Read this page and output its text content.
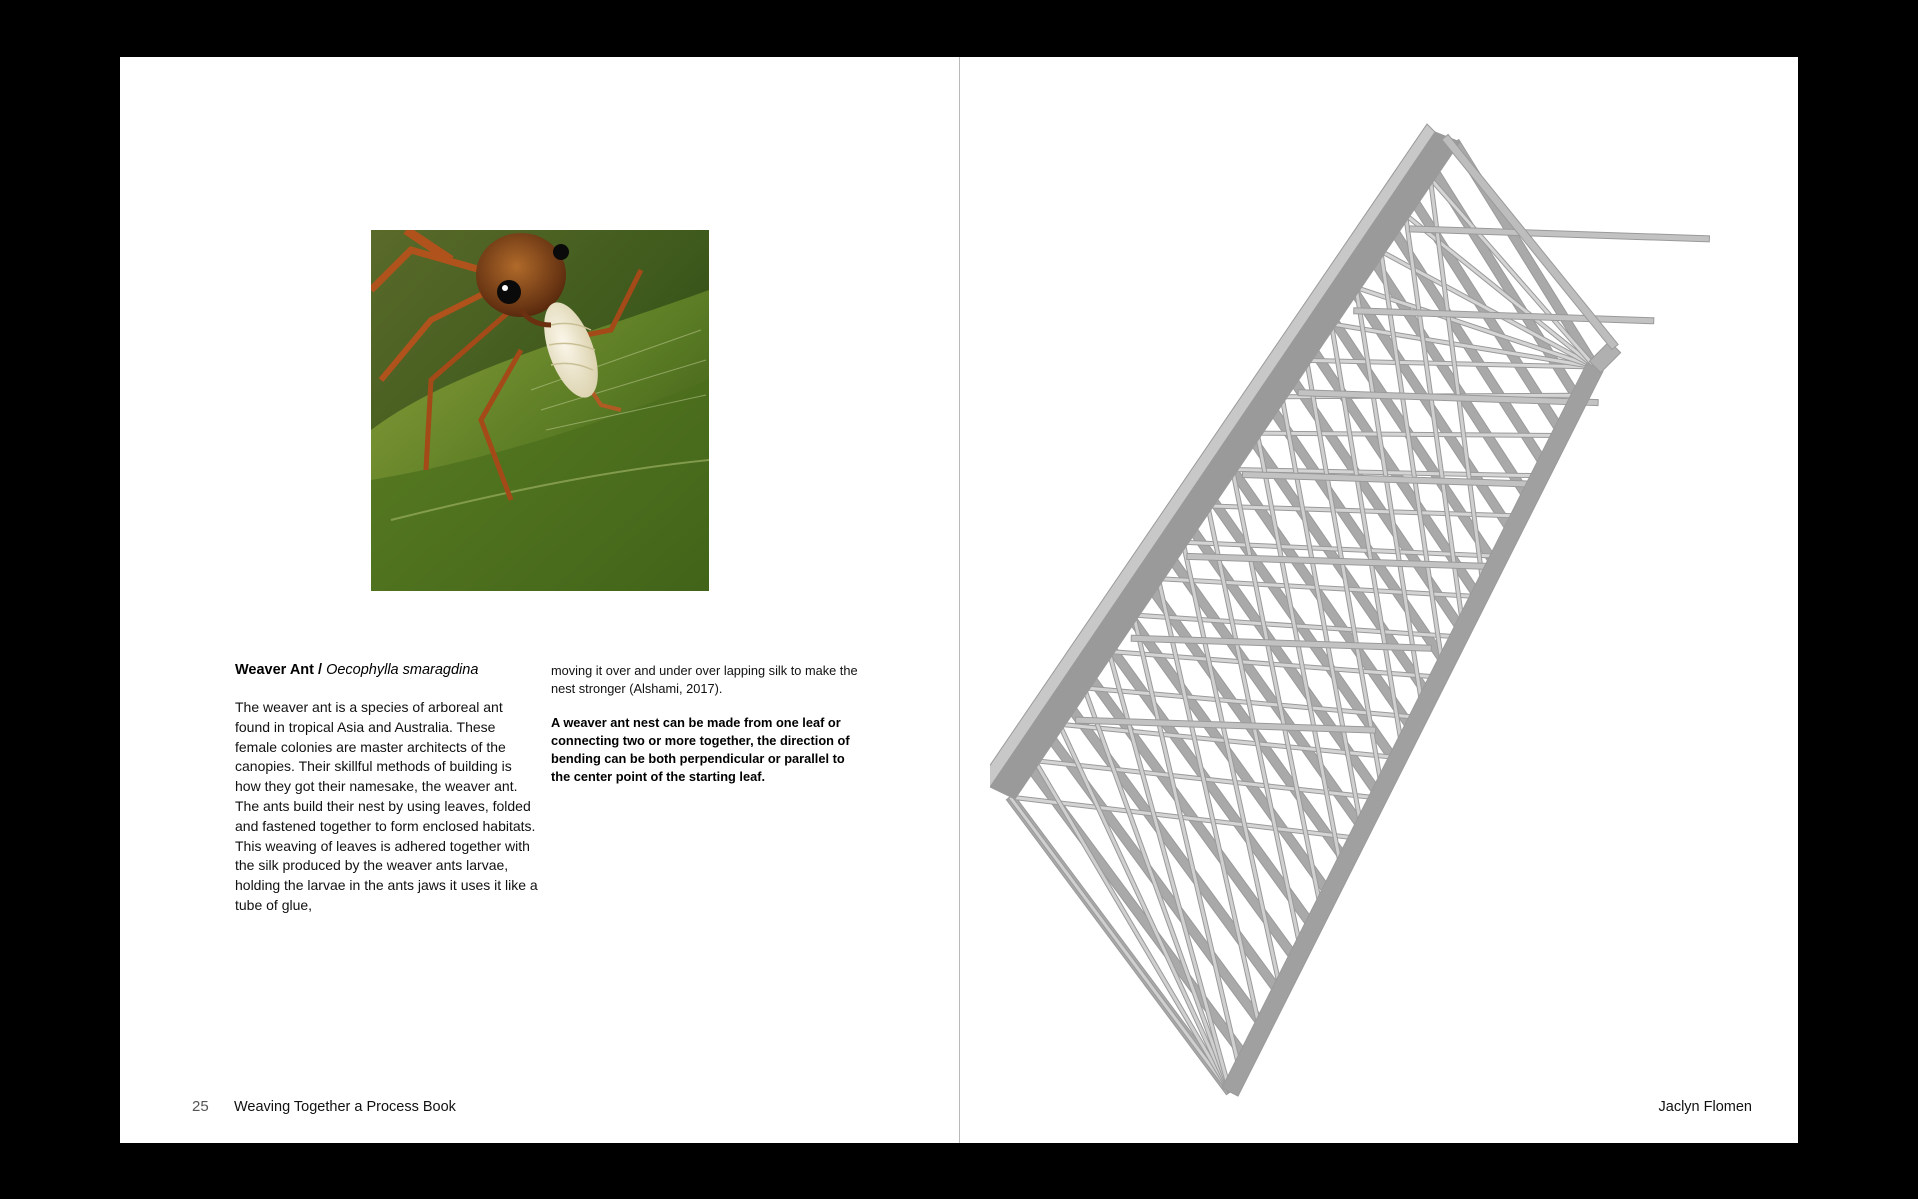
Weaver Ant / Oecophylla smaragdina

The weaver ant is a species of arboreal ant found in tropical Asia and Australia. These female colonies are master architects of the canopies. Their skillful methods of building is how they got their namesake, the weaver ant. The ants build their nest by using leaves, folded and fastened together to form enclosed habitats. This weaving of leaves is adhered together with the silk produced by the weaver ants larvae, holding the larvae in the ants jaws it uses it like a tube of glue,

moving it over and under over lapping silk to make the nest stronger (Alshami, 2017).

A weaver ant nest can be made from one leaf or connecting two or more together, the direction of bending can be both perpendicular or parallel to the center point of the starting leaf.

25 Weaving Together a Process Book	Jaclyn Flomen
